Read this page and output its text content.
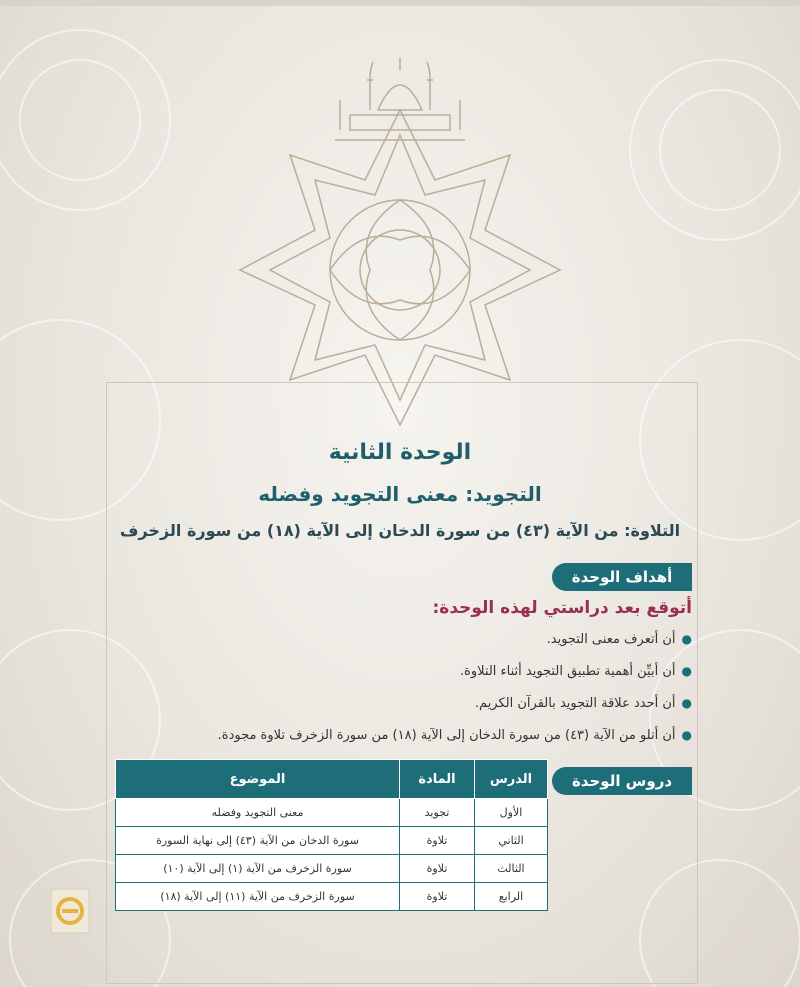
الوحدة الثانية
التجويد: معنى التجويد وفضله
التلاوة: من الآية (٤٣) من سورة الدخان إلى الآية (١٨) من سورة الزخرف
أهداف الوحدة
أتوقع بعد دراستي لهذه الوحدة:
● أن أتعرف معنى التجويد.
● أن أبيِّن أهمية تطبيق التجويد أثناء التلاوة.
● أن أحدد علاقة التجويد بالقرآن الكريم.
● أن أتلو من الآية (٤٣) من سورة الدخان إلى الآية (١٨) من سورة الزخرف تلاوة مجودة.
دروس الوحدة
الدرس	المادة	الموضوع
الأول	تجويد	معنى التجويد وفضله
الثاني	تلاوة	سورة الدخان من الآية (٤٣) إلى نهاية السورة
الثالث	تلاوة	سورة الزخرف من الآية (١) إلى الآية (١٠)
الرابع	تلاوة	سورة الزخرف من الآية (١١) إلى الآية (١٨)
